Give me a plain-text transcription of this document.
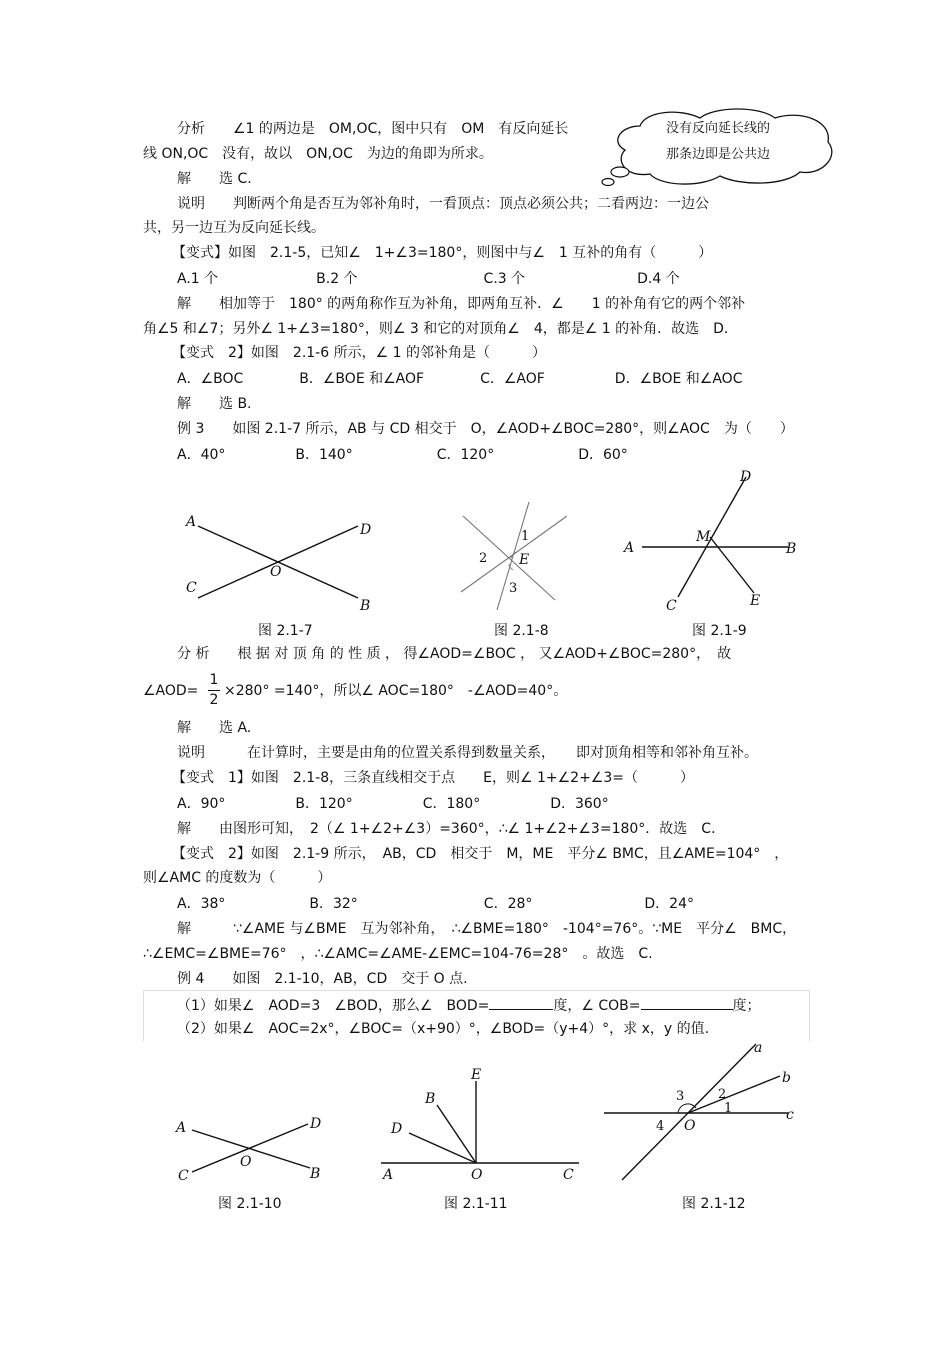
没有反向延长线的
那条边即是公共边
分析　　∠1 的两边是　OM,OC，图中只有　OM　有反向延长
线 ON,OC　没有，故以　ON,OC　为边的角即为所求。
解　　选 C.
说明　　判断两个角是否互为邻补角时，一看顶点：顶点必须公共；二看两边：一边公
共，另一边互为反向延长线。
【变式】如图　2.1-5，已知∠　1+∠3=180°，则图中与∠　1 互补的角有（　　　）
A.1 个　　　　　　　B.2 个　　　　　　　　　C.3 个　　　　　　　　D.4 个
解　　相加等于　180° 的两角称作互为补角，即两角互补．∠　　1 的补角有它的两个邻补
角∠5 和∠7；另外∠ 1+∠3=180°，则∠ 3 和它的对顶角∠　4，都是∠ 1 的补角．故选　D．
【变式　2】如图　2.1-6 所示，∠ 1 的邻补角是（　　　）
A．∠BOC　　　　B．∠BOE 和∠AOF　　　　C．∠AOF　　　　　D．∠BOE 和∠AOC
解　　选 B.
例 3　　如图 2.1-7 所示，AB 与 CD 相交于　O，∠AOD+∠BOC=280°，则∠AOC　为（　　）
A．40°　　　　　B．140°　　　　　　C．120°　　　　　　D．60°
A	D
C
O
B
图 2.1-7
1
2 E
3
图 2.1-8
D
A
M
B
C	E
图 2.1-9
分 析　　根 据 对 顶 角 的 性 质 ， 得∠AOD=∠BOC ， 又∠AOD+∠BOC=280°，　故
∠AOD=
1
2
×280° =140°，所以∠ AOC=180°　-∠AOD=40°。
解　　选 A.
说明　　　在计算时，主要是由角的位置关系得到数量关系，　　即对顶角相等和邻补角互补。
【变式　1】如图　2.1-8，三条直线相交于点　　E，则∠ 1+∠2+∠3=（　　　）
A．90°　　　　　B．120°　　　　　C．180°　　　　　D．360°
解　　由图形可知，　2（∠ 1+∠2+∠3）=360°，∴∠ 1+∠2+∠3=180°．故选　C．
【变式　2】如图　2.1-9 所示，　AB，CD　相交于　M，ME　平分∠ BMC，且∠AME=104°　，
则∠AMC 的度数为（　　　）
A．38°　　　　　　B．32°　　　　　　　　　C．28°　　　　　　　　D．24°
解　　　∵∠AME 与∠BME　互为邻补角，　∴∠BME=180°　-104°=76°。∵ME　平分∠　BMC，
∴∠EMC=∠BME=76°　，∴∠AMC=∠AME-∠EMC=104-76=28°　。故选　C.
例 4　　如图　2.1-10，AB，CD　交于 O 点.
（1）如果∠　AOD=3　∠BOD，那么∠　BOD=	度，∠ COB=	度；
（2）如果∠　AOC=2x°，∠BOC=（x+90）°，∠BOD=（y+4）°，求 x，y 的值.
A	D
O
C	B
图 2.1-10
E
B
D
A	O	C
图 2.1-11
a
b
3	2
1	c
4 O
图 2.1-12
